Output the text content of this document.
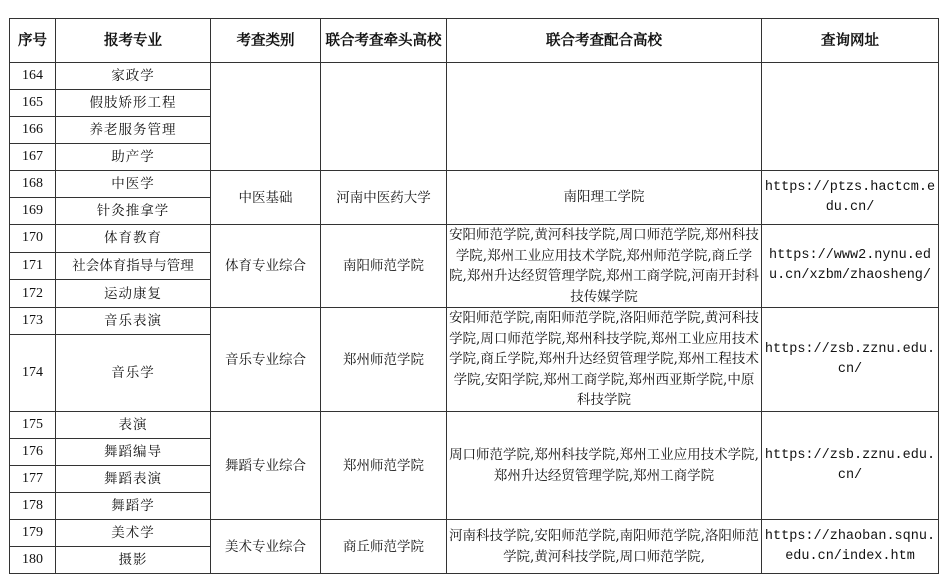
序号	报考专业	考查类别	联合考查牵头高校	联合考查配合高校	查询网址
164	家政学				
165	假肢矫形工程				
166	养老服务管理				
167	助产学				
168	中医学	中医基础	河南中医药大学	南阳理工学院	https://ptzs.hactcm.edu.cn/
169	针灸推拿学				
170	体育教育	体育专业综合	南阳师范学院	安阳师范学院,黄河科技学院,周口师范学院,郑州科技学院,郑州工业应用技术学院,郑州师范学院,商丘学院,郑州升达经贸管理学院,郑州工商学院,河南开封科技传媒学院	https://www2.nynu.edu.cn/xzbm/zhaosheng/
171	社会体育指导与管理				
172	运动康复				
173	音乐表演	音乐专业综合	郑州师范学院	安阳师范学院,南阳师范学院,洛阳师范学院,黄河科技学院,周口师范学院,郑州科技学院,郑州工业应用技术学院,商丘学院,郑州升达经贸管理学院,郑州工程技术学院,安阳学院,郑州工商学院,郑州西亚斯学院,中原科技学院	https://zsb.zznu.edu.cn/
174	音乐学				
175	表演	舞蹈专业综合	郑州师范学院	周口师范学院,郑州科技学院,郑州工业应用技术学院,郑州升达经贸管理学院,郑州工商学院	https://zsb.zznu.edu.cn/
176	舞蹈编导				
177	舞蹈表演				
178	舞蹈学				
179	美术学	美术专业综合	商丘师范学院	河南科技学院,安阳师范学院,南阳师范学院,洛阳师范学院,黄河科技学院,周口师范学院,	https://zhaoban.sqnu.edu.cn/index.htm
180	摄影				
